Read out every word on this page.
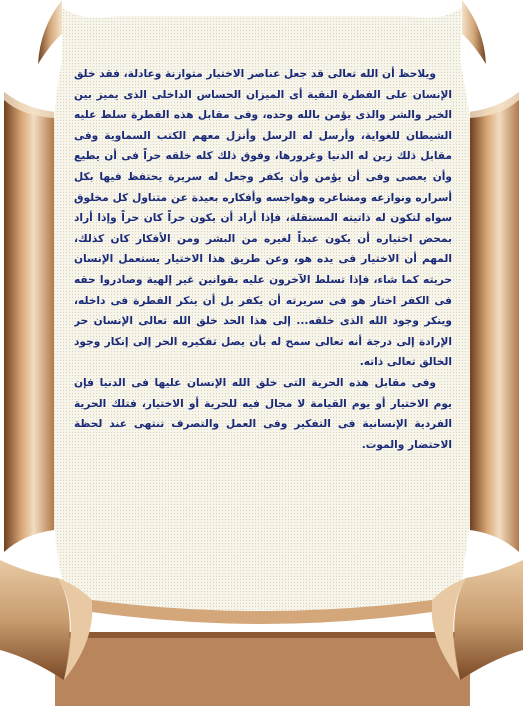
ويلاحظ أن الله تعالى قد جعل عناصر الاختيار متوازنة وعادلة، فقد خلق الإنسان على الفطرة النقية أى الميزان الحساس الداخلى الذى يميز بين الخير والشر والذى يؤمن بالله وحده، وفى مقابل هذه الفطرة سلط عليه الشيطان للغواية، وأرسل له الرسل وأنزل معهم الكتب السماوية وفى مقابل ذلك زين له الدنيا وغرورها، وفوق ذلك كله خلقه حراً فى أن يطيع وأن يعصى وفى أن يؤمن وأن يكفر وجعل له سريرة يحتفظ فيها بكل أسراره ونوازعه ومشاعره وهواجسه وأفكاره بعيدة عن متناول كل مخلوق سواه لتكون له ذاتيته المستقلة، فإذا أراد أن يكون حراً كان حراً وإذا أراد بمحض اختياره أن يكون عبداً لغيره من البشر ومن الأفكار كان كذلك، المهم أن الاختيار فى يده هو، وعن طريق هذا الاختيار يستعمل الإنسان حريته كما شاء، فإذا تسلط الآخرون عليه بقوانين غير إلهية وصادروا حقه فى الكفر اختار هو فى سريرته أن يكفر بل أن ينكر الفطرة فى داخله، وينكر وجود الله الذى خلقه... إلى هذا الحد خلق الله تعالى الإنسان حر الإرادة إلى درجة أنه تعالى سمح له بأن يصل تفكيره الحر إلى إنكار وجود الخالق تعالى ذاته.

وفى مقابل هذه الحرية التى خلق الله الإنسان عليها فى الدنيا فإن يوم الاختيار أو يوم القيامة لا مجال فيه للحرية أو الاختيار، فتلك الحرية الفردية الإنسانية فى التفكير وفى العمل والتصرف تنتهى عند لحظة الاحتضار والموت.
